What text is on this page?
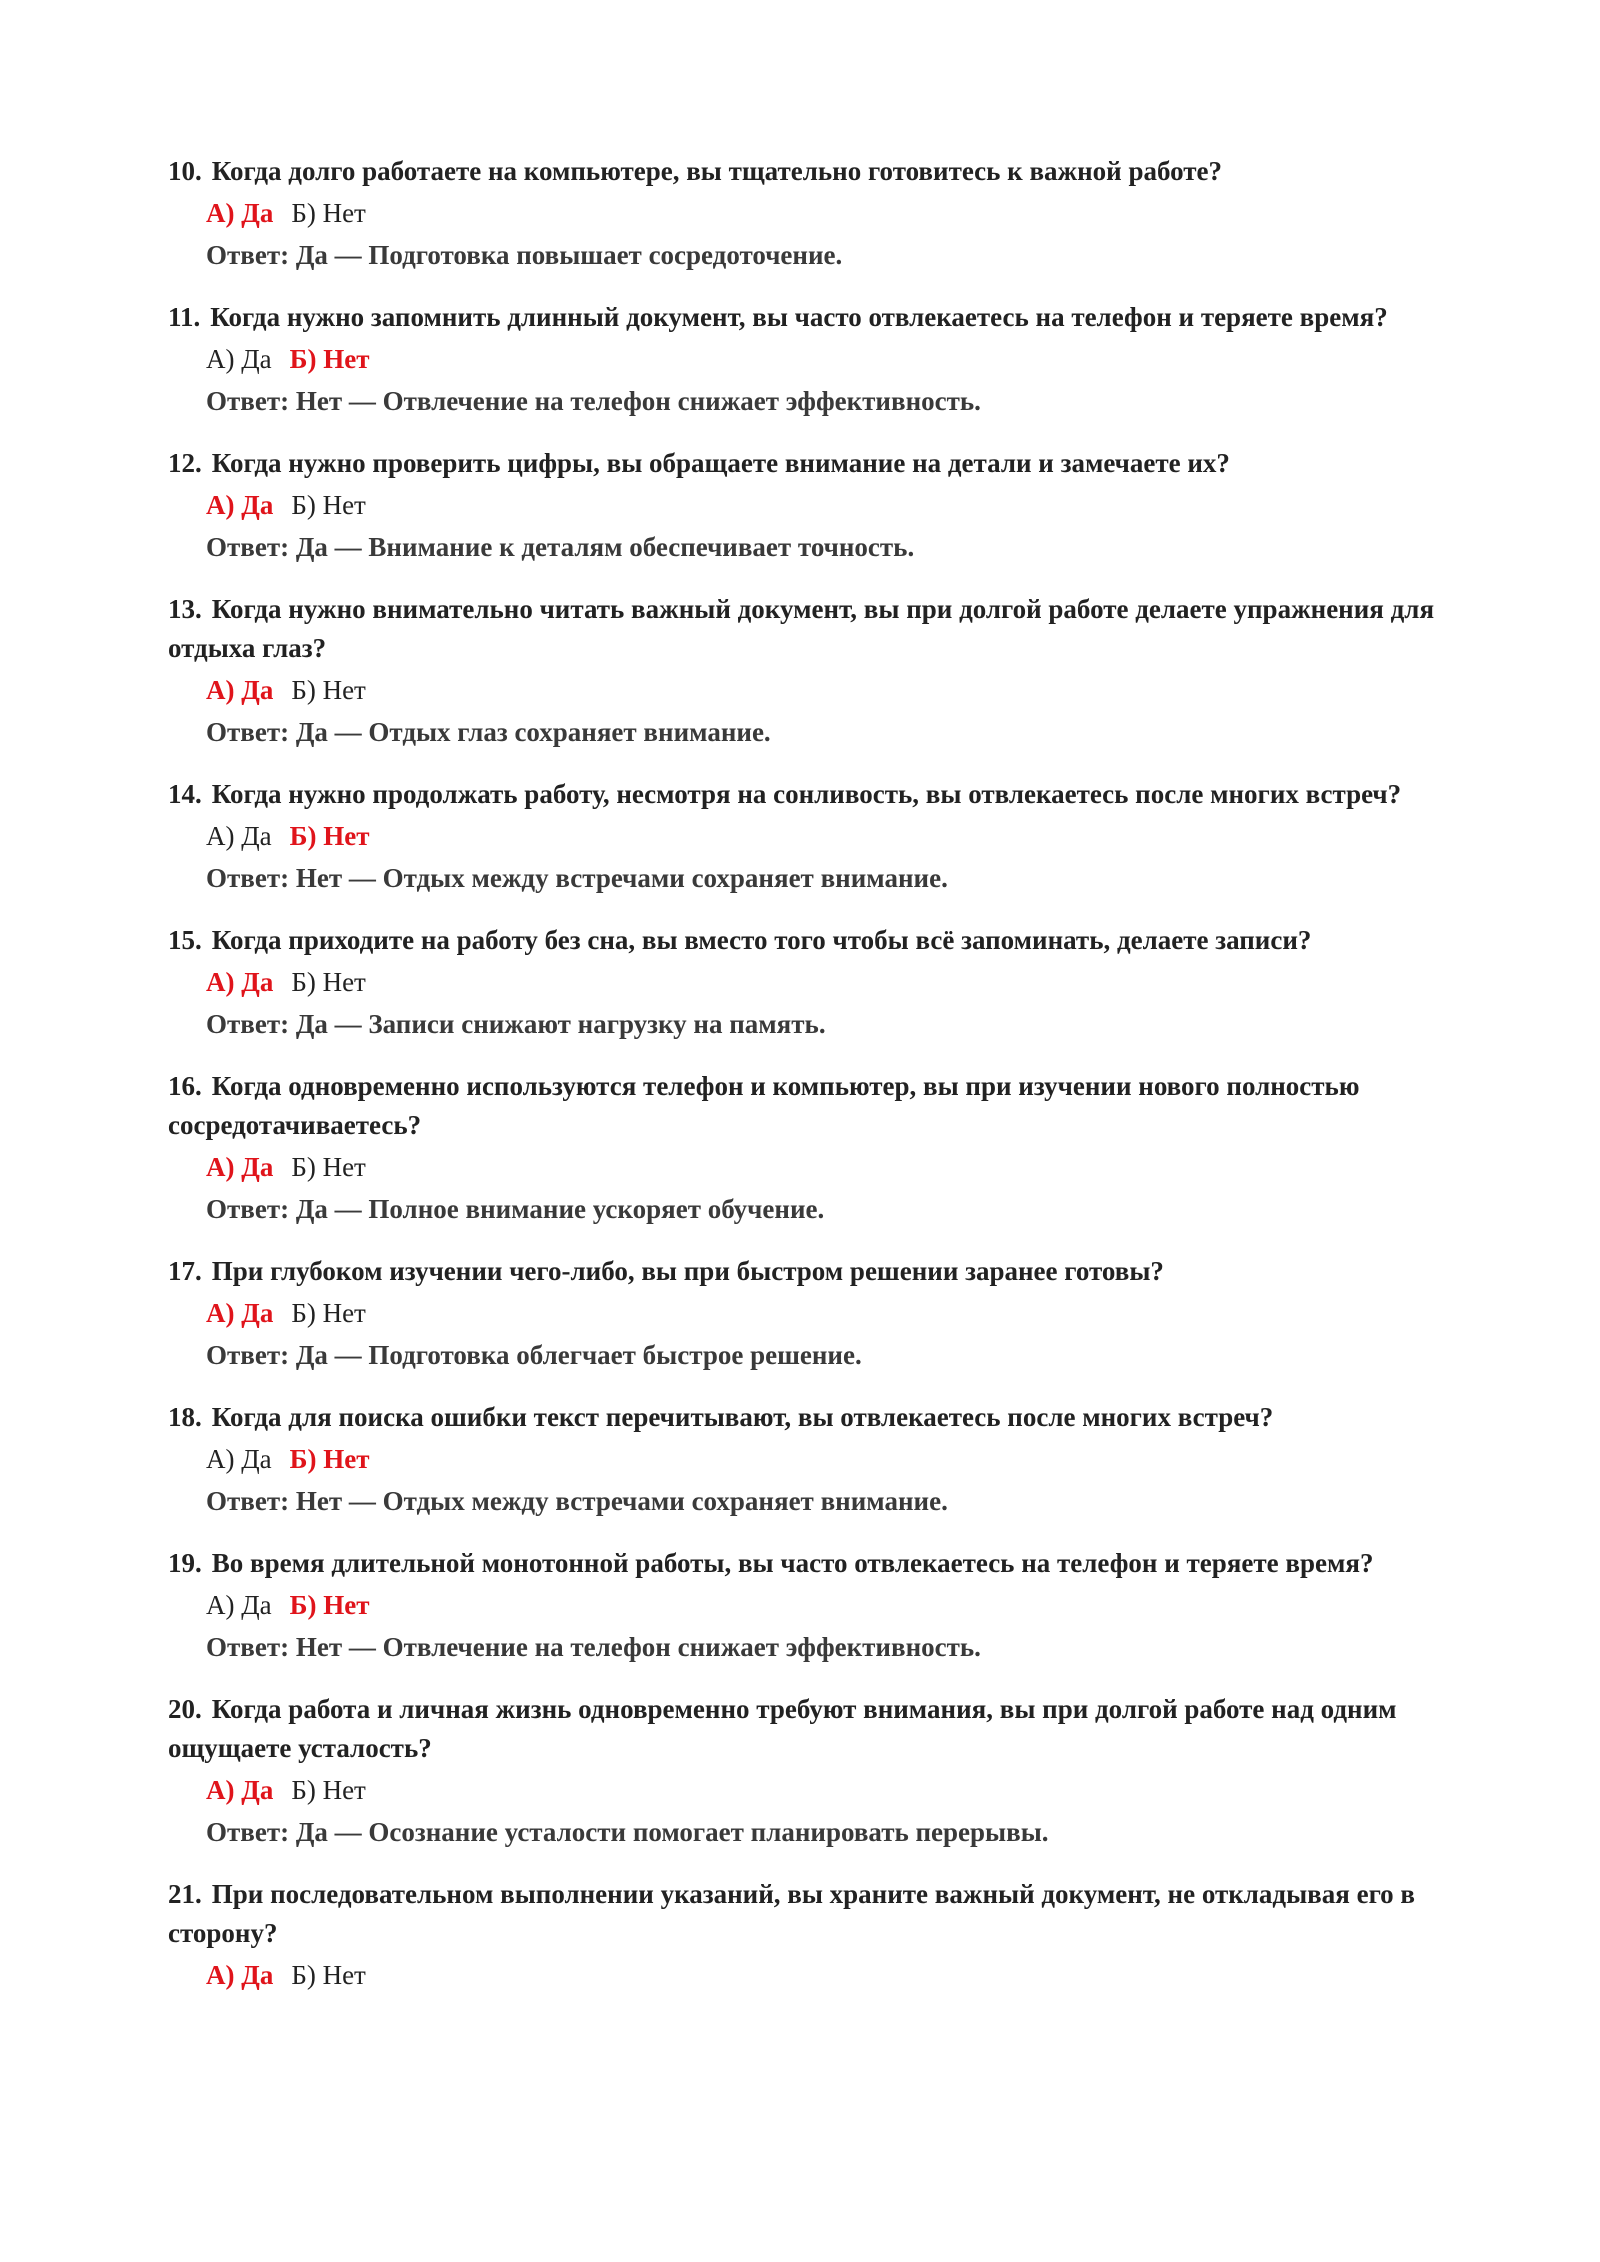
10. Когда долго работаете на компьютере, вы тщательно готовитесь к важной работе?

А) Да Б) Нет
Ответ: Да — Подготовка повышает сосредоточение.

11. Когда нужно запомнить длинный документ, вы часто отвлекаетесь на телефон и теряете время?

А) Да Б) Нет
Ответ: Нет — Отвлечение на телефон снижает эффективность.

12. Когда нужно проверить цифры, вы обращаете внимание на детали и замечаете их?

А) Да Б) Нет
Ответ: Да — Внимание к деталям обеспечивает точность.

13. Когда нужно внимательно читать важный документ, вы при долгой работе делаете упражнения для отдыха глаз?

А) Да Б) Нет
Ответ: Да — Отдых глаз сохраняет внимание.

14. Когда нужно продолжать работу, несмотря на сонливость, вы отвлекаетесь после многих встреч?

А) Да Б) Нет
Ответ: Нет — Отдых между встречами сохраняет внимание.

15. Когда приходите на работу без сна, вы вместо того чтобы всё запоминать, делаете записи?

А) Да Б) Нет
Ответ: Да — Записи снижают нагрузку на память.

16. Когда одновременно используются телефон и компьютер, вы при изучении нового полностью сосредотачиваетесь?

А) Да Б) Нет
Ответ: Да — Полное внимание ускоряет обучение.

17. При глубоком изучении чего-либо, вы при быстром решении заранее готовы?

А) Да Б) Нет
Ответ: Да — Подготовка облегчает быстрое решение.

18. Когда для поиска ошибки текст перечитывают, вы отвлекаетесь после многих встреч?

А) Да Б) Нет
Ответ: Нет — Отдых между встречами сохраняет внимание.

19. Во время длительной монотонной работы, вы часто отвлекаетесь на телефон и теряете время?

А) Да Б) Нет
Ответ: Нет — Отвлечение на телефон снижает эффективность.

20. Когда работа и личная жизнь одновременно требуют внимания, вы при долгой работе над одним ощущаете усталость?

А) Да Б) Нет
Ответ: Да — Осознание усталости помогает планировать перерывы.

21. При последовательном выполнении указаний, вы храните важный документ, не откладывая его в сторону?

А) Да Б) Нет
